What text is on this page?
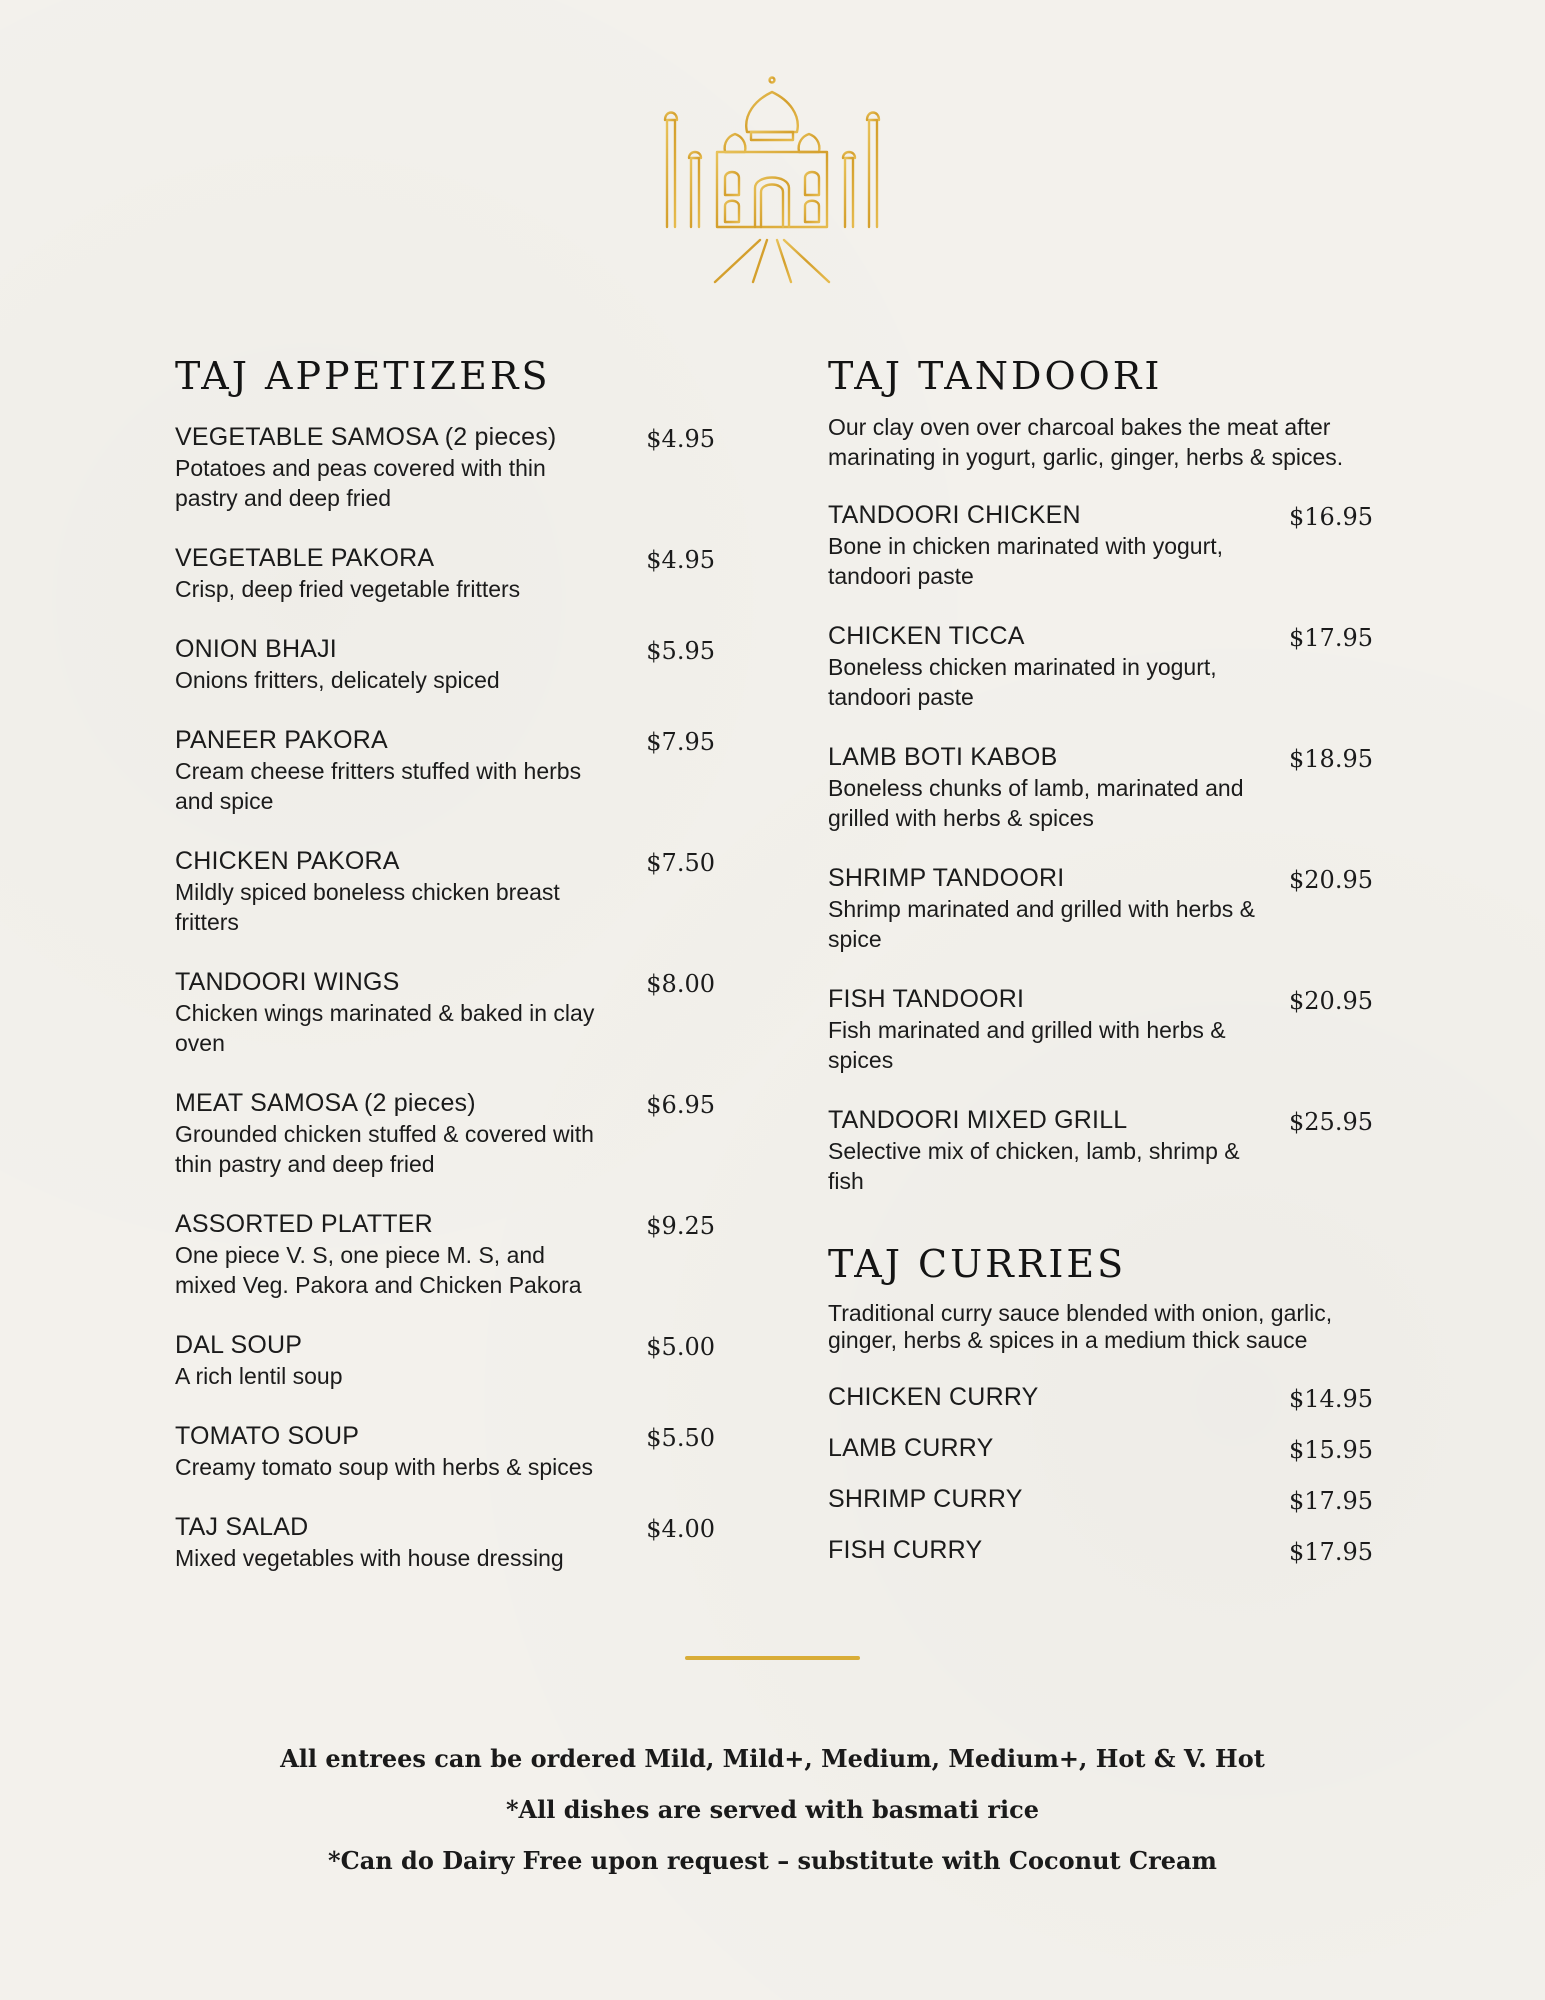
TAJ APPETIZERS
VEGETABLE SAMOSA (2 pieces)
Potatoes and peas covered with thin pastry and deep fried
$4.95
VEGETABLE PAKORA
Crisp, deep fried vegetable fritters
$4.95
ONION BHAJI
Onions fritters, delicately spiced
$5.95
PANEER PAKORA
Cream cheese fritters stuffed with herbs and spice
$7.95
CHICKEN PAKORA
Mildly spiced boneless chicken breast fritters
$7.50
TANDOORI WINGS
Chicken wings marinated & baked in clay oven
$8.00
MEAT SAMOSA (2 pieces)
Grounded chicken stuffed & covered with thin pastry and deep fried
$6.95
ASSORTED PLATTER
One piece V. S, one piece M. S, and mixed Veg. Pakora and Chicken Pakora
$9.25
DAL SOUP
A rich lentil soup
$5.00
TOMATO SOUP
Creamy tomato soup with herbs & spices
$5.50
TAJ SALAD
Mixed vegetables with house dressing
$4.00
TAJ TANDOORI
Our clay oven over charcoal bakes the meat after marinating in yogurt, garlic, ginger, herbs & spices.
TANDOORI CHICKEN
Bone in chicken marinated with yogurt, tandoori paste
$16.95
CHICKEN TICCA
Boneless chicken marinated in yogurt, tandoori paste
$17.95
LAMB BOTI KABOB
Boneless chunks of lamb, marinated and grilled with herbs & spices
$18.95
SHRIMP TANDOORI
Shrimp marinated and grilled with herbs & spice
$20.95
FISH TANDOORI
Fish marinated and grilled with herbs & spices
$20.95
TANDOORI MIXED GRILL
Selective mix of chicken, lamb, shrimp & fish
$25.95
TAJ CURRIES
Traditional curry sauce blended with onion, garlic, ginger, herbs & spices in a medium thick sauce
CHICKEN CURRY	$14.95
LAMB CURRY	$15.95
SHRIMP CURRY	$17.95
FISH CURRY	$17.95
All entrees can be ordered Mild, Mild+, Medium, Medium+, Hot & V. Hot
*All dishes are served with basmati rice
*Can do Dairy Free upon request – substitute with Coconut Cream
